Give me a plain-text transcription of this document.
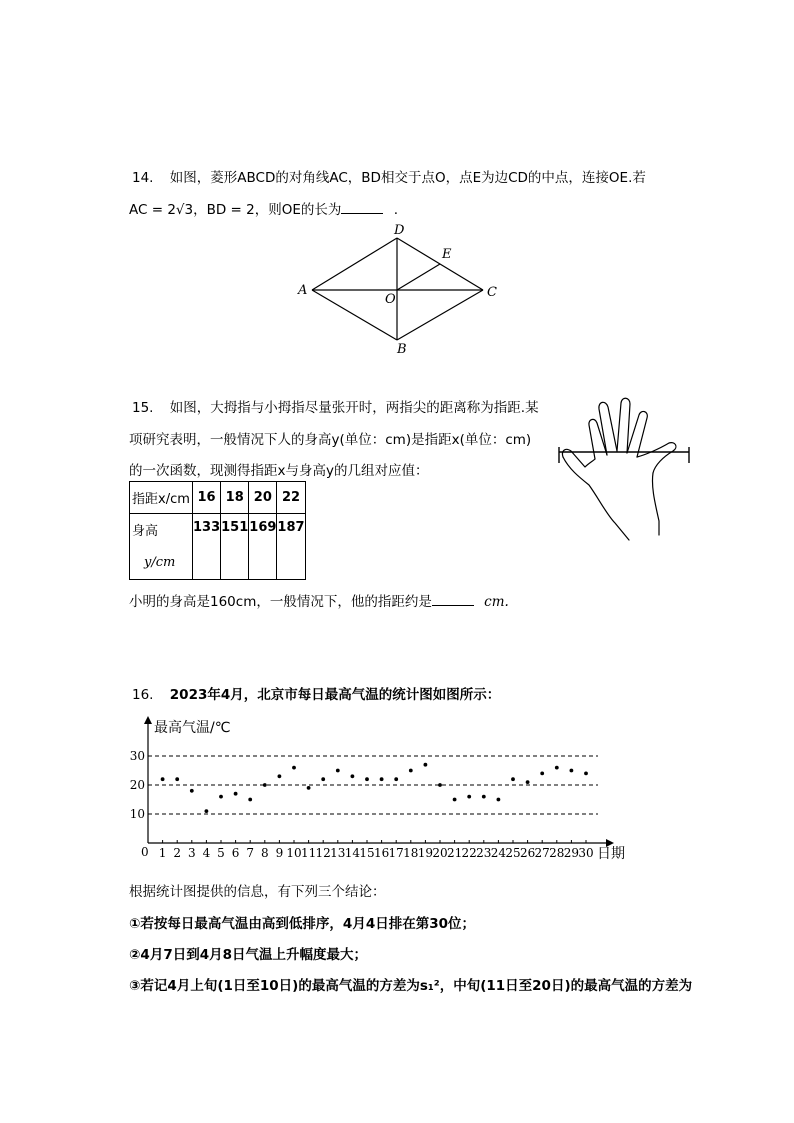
14. 如图，菱形ABCD的对角线AC，BD相交于点O，点E为边CD的中点，连接OE.若
AC = 2√3，BD = 2，则OE的长为	.
D
E
A
O	C
B
15. 如图，大拇指与小拇指尽量张开时，两指尖的距离称为指距.某
项研究表明，一般情况下人的身高y(单位：cm)是指距x(单位：cm)
的一次函数，现测得指距x与身高y的几组对应值：
指距x/cm	16	18	20	22

身高
y/cm	133	151	169	187
小明的身高是160cm，一般情况下，他的指距约是	cm.
16. 2023年4月，北京市每日最高气温的统计图如图所示：
10
20
30
1 2 3 4 5 6 7 8 9 10 11 12 13 14 15 16 17 18 19 20 21 22 23 24 25 26 27 28 29 30
最高气温/℃
日期
0
根据统计图提供的信息，有下列三个结论：
①若按每日最高气温由高到低排序，4月4日排在第30位；
②4月7日到4月8日气温上升幅度最大；
③若记4月上旬(1日至10日)的最高气温的方差为s₁²，中旬(11日至20日)的最高气温的方差为
